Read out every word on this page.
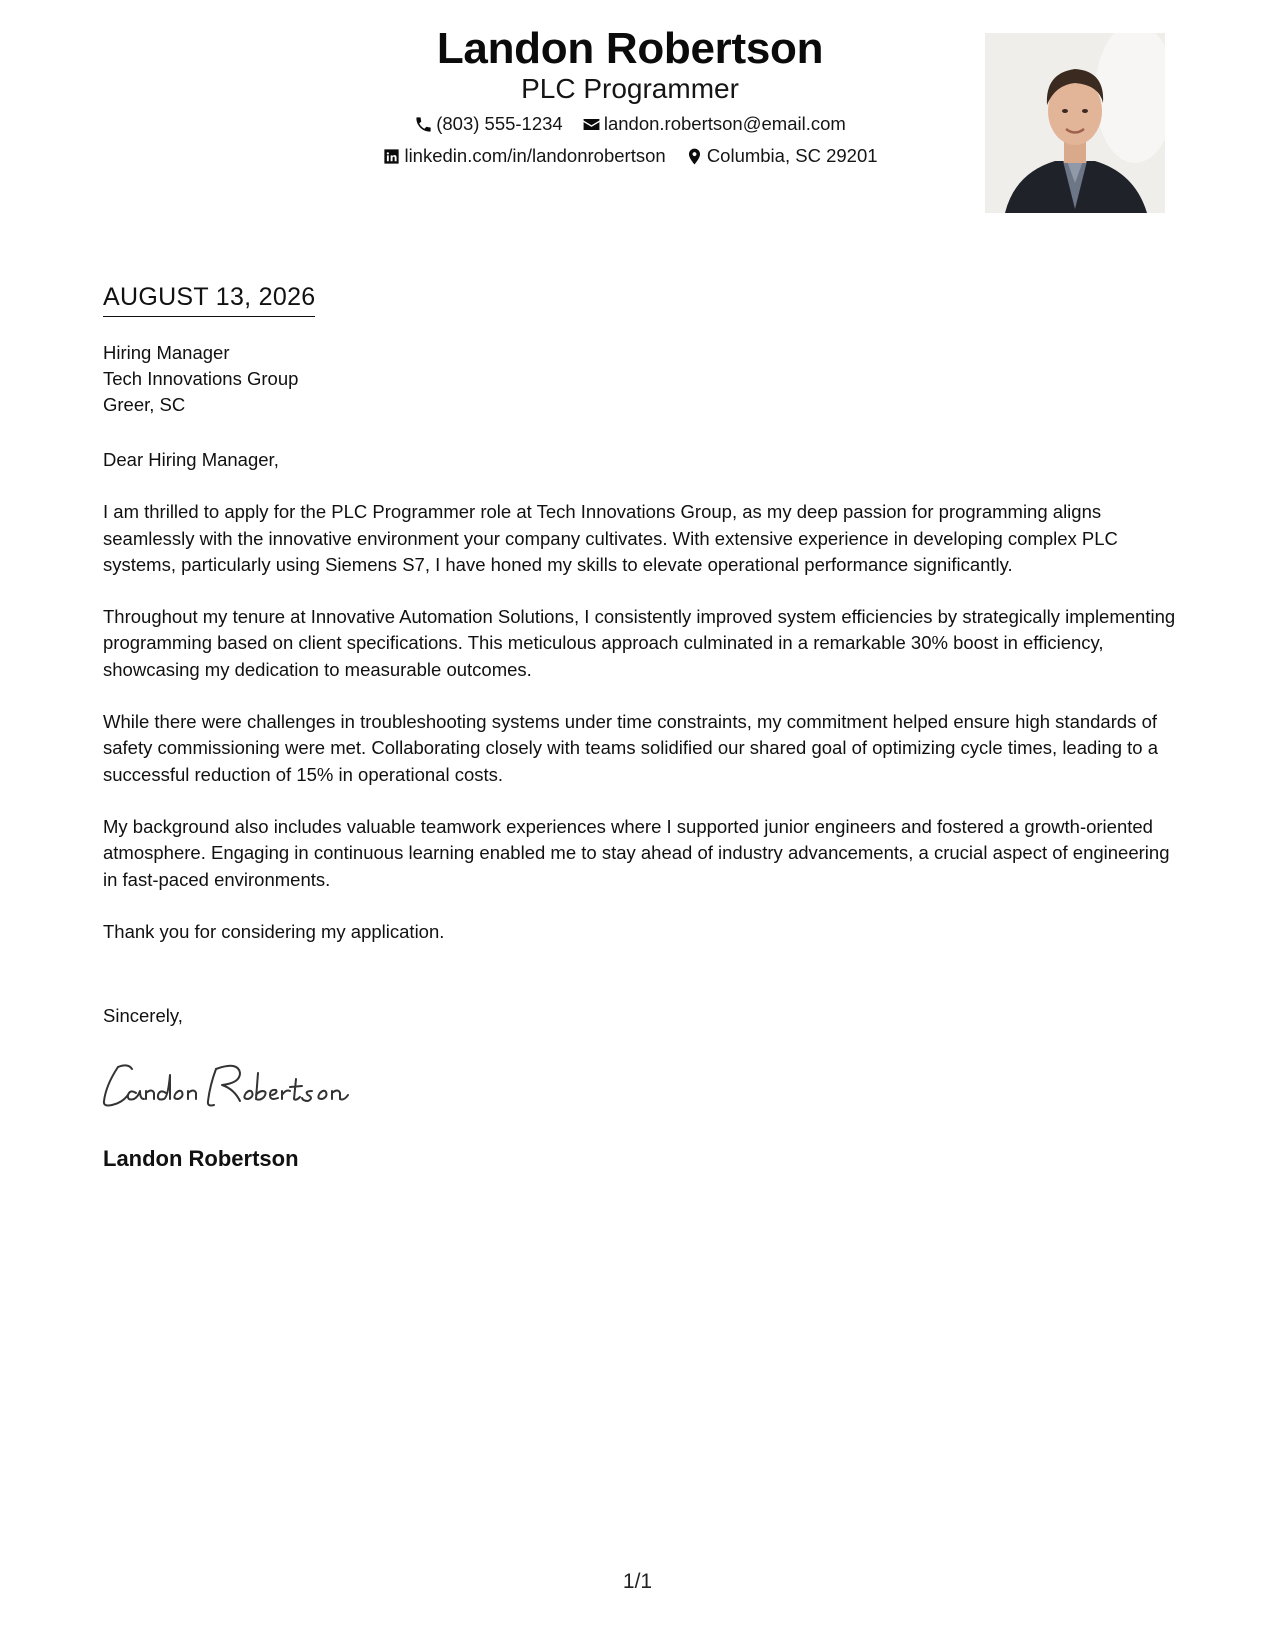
Landon Robertson
PLC Programmer
(803) 555-1234
landon.robertson@email.com
linkedin.com/in/landonrobertson
Columbia, SC 29201
AUGUST 13, 2026
Hiring Manager
Tech Innovations Group
Greer, SC

Dear Hiring Manager,

I am thrilled to apply for the PLC Programmer role at Tech Innovations Group, as my deep passion for programming aligns seamlessly with the innovative environment your company cultivates. With extensive experience in developing complex PLC systems, particularly using Siemens S7, I have honed my skills to elevate operational performance significantly.

Throughout my tenure at Innovative Automation Solutions, I consistently improved system efficiencies by strategically implementing programming based on client specifications. This meticulous approach culminated in a remarkable 30% boost in efficiency, showcasing my dedication to measurable outcomes.

While there were challenges in troubleshooting systems under time constraints, my commitment helped ensure high standards of safety commissioning were met. Collaborating closely with teams solidified our shared goal of optimizing cycle times, leading to a successful reduction of 15% in operational costs.

My background also includes valuable teamwork experiences where I supported junior engineers and fostered a growth-oriented atmosphere. Engaging in continuous learning enabled me to stay ahead of industry advancements, a crucial aspect of engineering in fast-paced environments.

Thank you for considering my application.

Sincerely,
Landon Robertson
1/1
